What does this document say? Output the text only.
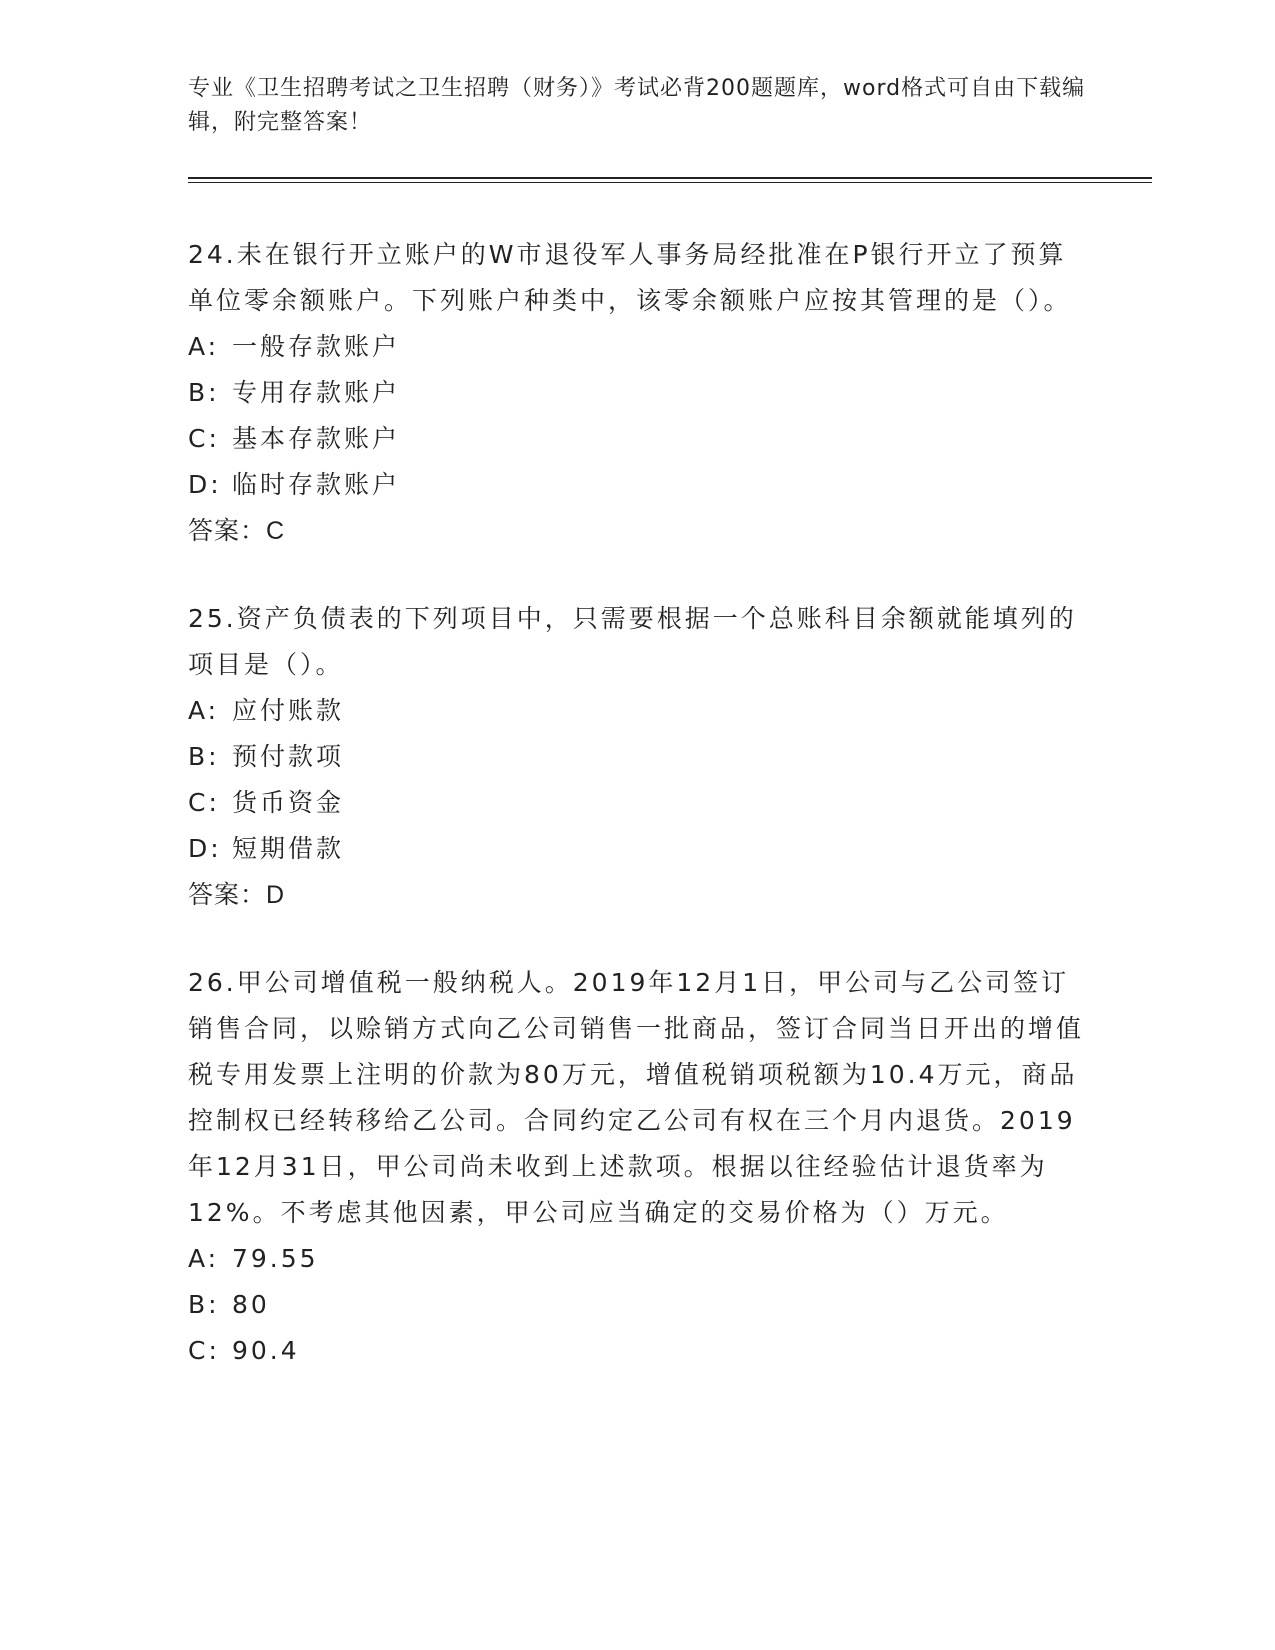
专业《卫生招聘考试之卫生招聘（财务）》考试必背200题题库，word格式可自由下载编辑，附完整答案！
24.未在银行开立账户的W市退役军人事务局经批准在P银行开立了预算单位零余额账户。下列账户种类中，该零余额账户应按其管理的是（）。
A: 一般存款账户
B: 专用存款账户
C: 基本存款账户
D: 临时存款账户
答案：C
25.资产负债表的下列项目中，只需要根据一个总账科目余额就能填列的项目是（）。
A: 应付账款
B: 预付款项
C: 货币资金
D: 短期借款
答案：D
26.甲公司增值税一般纳税人。2019年12月1日，甲公司与乙公司签订销售合同，以赊销方式向乙公司销售一批商品，签订合同当日开出的增值税专用发票上注明的价款为80万元，增值税销项税额为10.4万元，商品控制权已经转移给乙公司。合同约定乙公司有权在三个月内退货。2019年12月31日，甲公司尚未收到上述款项。根据以往经验估计退货率为12%。不考虑其他因素，甲公司应当确定的交易价格为（）万元。
A: 79.55
B: 80
C: 90.4
